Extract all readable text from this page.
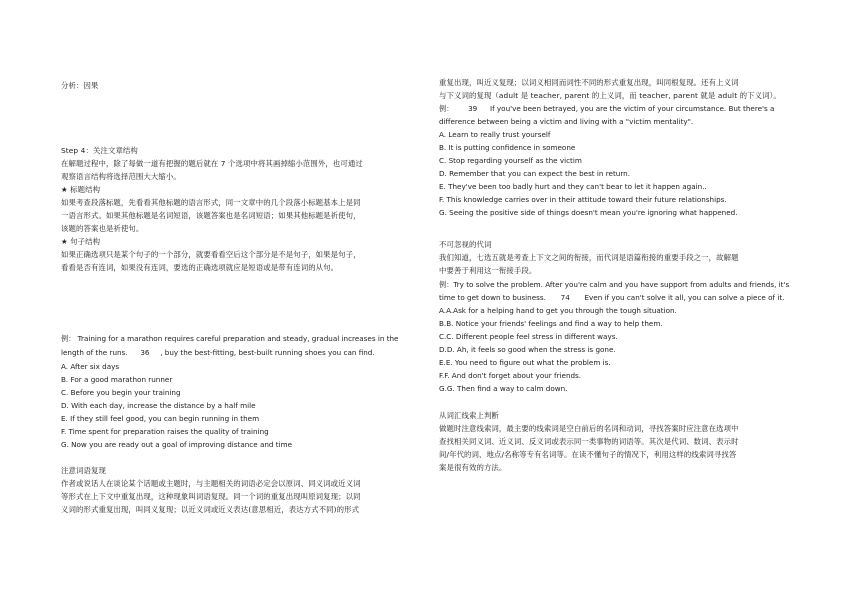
分析：因果
Step 4：关注文章结构
在解题过程中，除了每做一道有把握的题后就在 7 个选项中将其画掉缩小范围外，也可通过
观察语言结构将选择范围大大缩小。
★ 标题结构
如果考查段落标题，先看看其他标题的语言形式，同一文章中的几个段落小标题基本上是同
一语言形式。如果其他标题是名词短语，该题答案也是名词短语；如果其他标题是祈使句，
该题的答案也是祈使句。
★ 句子结构
如果正确选项只是某个句子的一个部分，就要看看空后这个部分是不是句子，如果是句子，
看看是否有连词，如果没有连词，要选的正确选项就应是短语或是带有连词的从句。
例： Training for a marathon requires careful preparation and steady, gradual increases in the
length of the runs. 36 , buy the best-fitting, best-built running shoes you can find.
A. After six days
B. For a good marathon runner
C. Before you begin your training
D. With each day, increase the distance by a half mile
E. If they still feel good, you can begin running in them
F. Time spent for preparation raises the quality of training
G. Now you are ready out a goal of improving distance and time
注意词语复现
作者或说话人在谈论某个话题或主题时，与主题相关的词语必定会以原词、同义词或近义词
等形式在上下文中重复出现，这种现象叫词语复现。同一个词的重复出现叫原词复现；以同
义词的形式重复出现，叫同义复现；以近义词或近义表达(意思相近，表达方式不同)的形式
重复出现，叫近义复现；以词义相同而词性不同的形式重复出现，叫同根复现。还有上义词
与下义词的复现（adult 是 teacher, parent 的上义词，而 teacher, parent 就是 adult 的下义词）。
例： 39 If you've been betrayed, you are the victim of your circumstance. But there's a
difference between being a victim and living with a "victim mentality".
A. Learn to really trust yourself
B. It is putting confidence in someone
C. Stop regarding yourself as the victim
D. Remember that you can expect the best in return.
E. They've been too badly hurt and they can't bear to let it happen again..
F. This knowledge carries over in their attitude toward their future relationships.
G. Seeing the positive side of things doesn't mean you're ignoring what happened.
不可忽视的代词
我们知道，七选五就是考查上下文之间的衔接，而代词是语篇衔接的重要手段之一，故解题
中要善于利用这一衔接手段。
例：Try to solve the problem. After you're calm and you have support from adults and friends, it's
time to get down to business. 74 Even if you can't solve it all, you can solve a piece of it.
A.A.Ask for a helping hand to get you through the tough situation.
B.B. Notice your friends' feelings and find a way to help them.
C.C. Different people feel stress in different ways.
D.D. Ah, it feels so good when the stress is gone.
E.E. You need to figure out what the problem is.
F.F. And don't forget about your friends.
G.G. Then find a way to calm down.
从词汇线索上判断
做题时注意线索词，最主要的线索词是空白前后的名词和动词，寻找答案时应注意在选项中
查找相关同义词、近义词、反义词或表示同一类事物的词语等。其次是代词、数词、表示时
间/年代的词、地点/名称等专有名词等。在读不懂句子的情况下，利用这样的线索词寻找答
案是很有效的方法。
